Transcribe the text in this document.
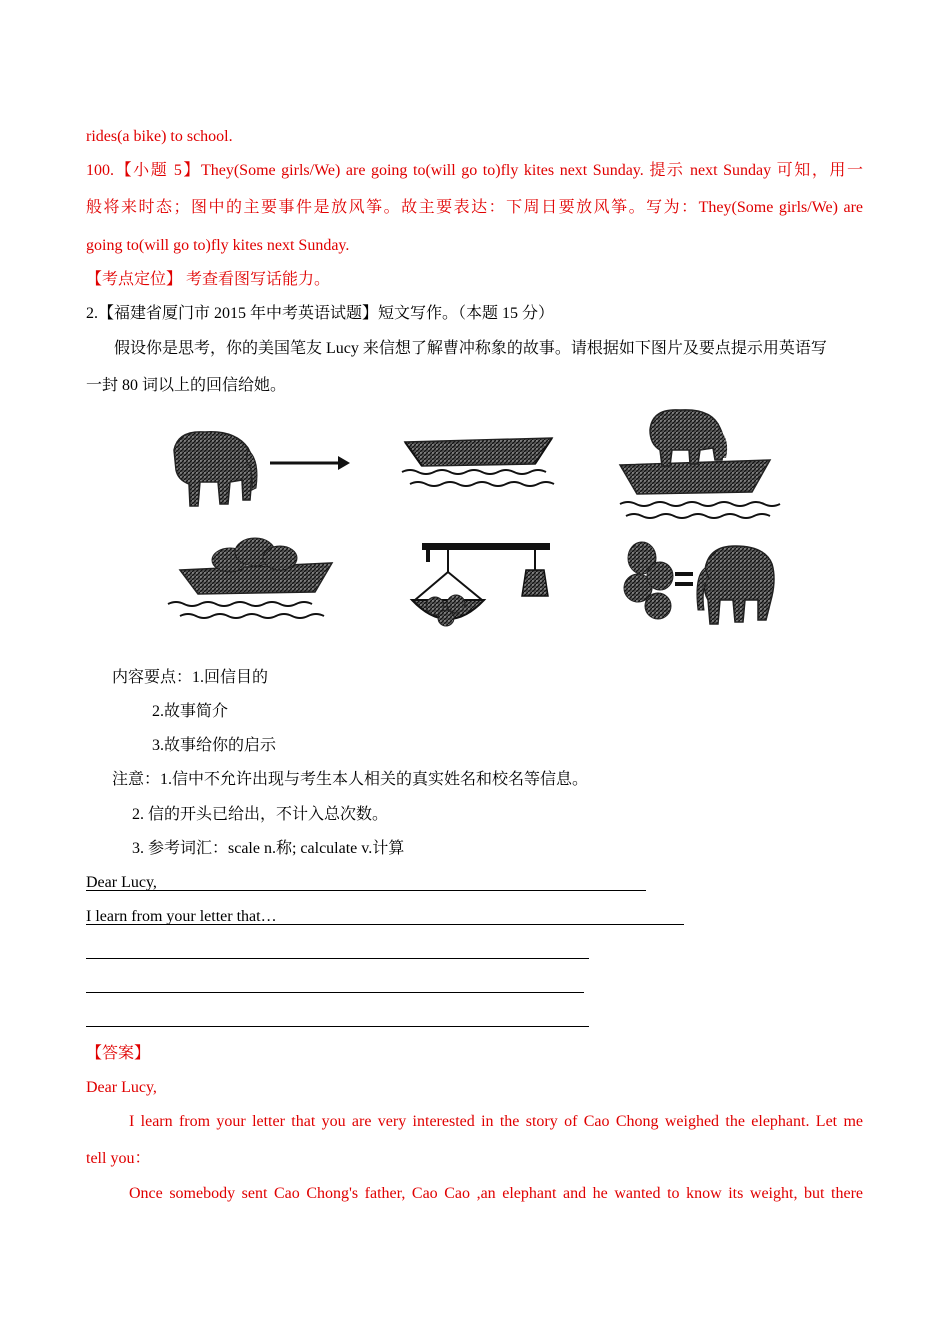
rides(a bike) to school.
100.【小题 5】They(Some girls/We) are going to(will go to)fly kites next Sunday. 提示 next Sunday 可知，用一
般将来时态；图中的主要事件是放风筝。故主要表达：下周日要放风筝。写为：They(Some girls/We) are
going to(will go to)fly kites next Sunday.
【考点定位】 考查看图写话能力。
2.【福建省厦门市 2015 年中考英语试题】短文写作。（本题 15 分）
假设你是思考，你的美国笔友 Lucy 来信想了解曹冲称象的故事。请根据如下图片及要点提示用英语写
一封 80 词以上的回信给她。
内容要点：1.回信目的
2.故事简介
3.故事给你的启示
注意：1.信中不允许出现与考生本人相关的真实姓名和校名等信息。
2. 信的开头已给出，不计入总次数。
3. 参考词汇：scale n.称; calculate v.计算
Dear Lucy,
I learn from your letter that…
【答案】
Dear Lucy,
I learn from your letter that you are very interested in the story of Cao Chong weighed the elephant. Let me
tell you：
Once somebody sent Cao Chong's father, Cao Cao ,an elephant and he wanted to know its weight, but there
